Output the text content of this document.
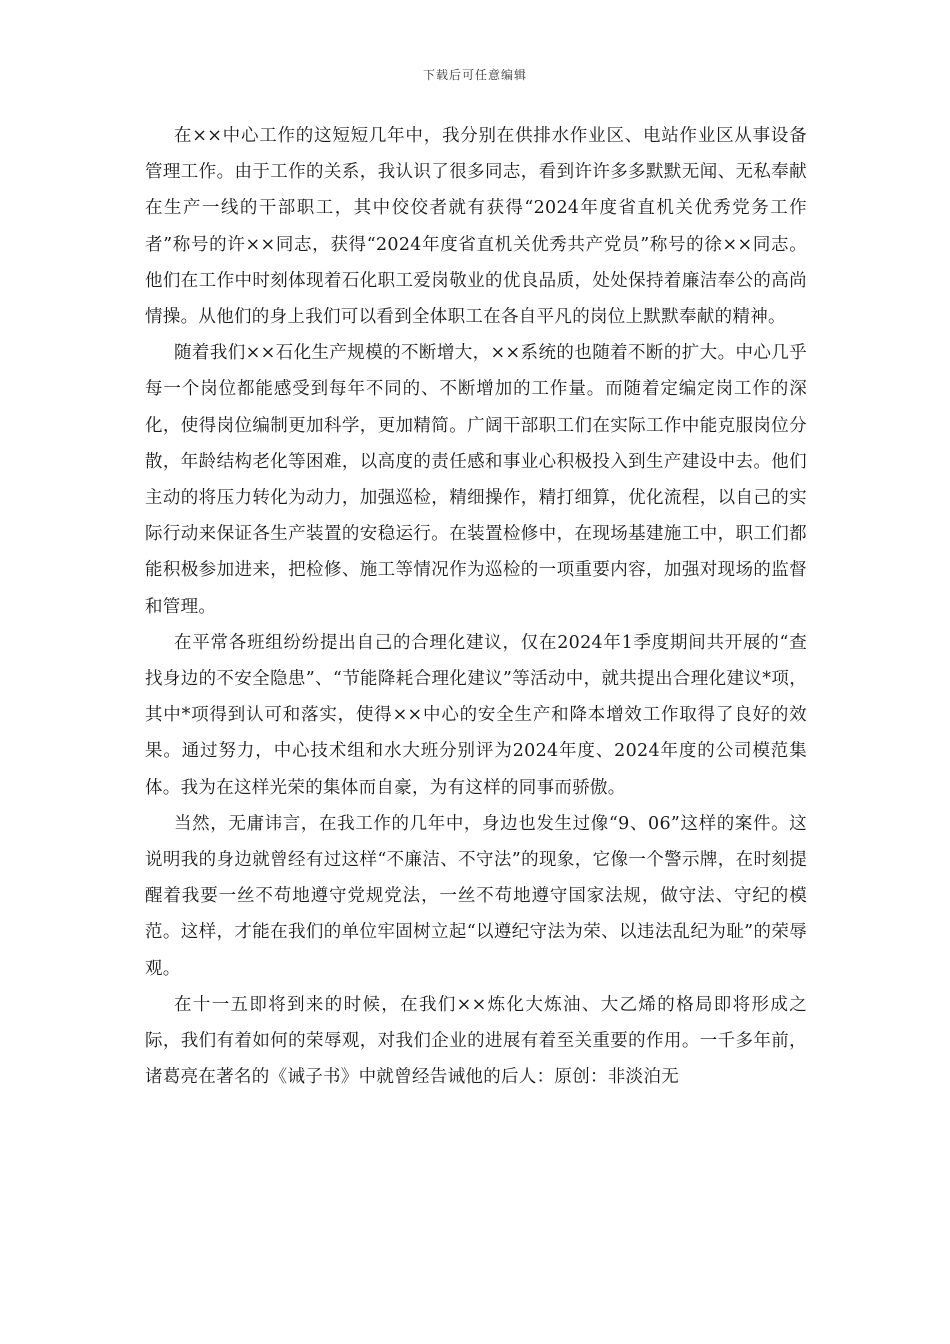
下载后可任意编辑

在××中心工作的这短短几年中，我分别在供排水作业区、电站作业区从事设备管理工作。由于工作的关系，我认识了很多同志，看到许许多多默默无闻、无私奉献在生产一线的干部职工，其中佼佼者就有获得“2024年度省直机关优秀党务工作者”称号的许××同志，获得“2024年度省直机关优秀共产党员”称号的徐××同志。他们在工作中时刻体现着石化职工爱岗敬业的优良品质，处处保持着廉洁奉公的高尚情操。从他们的身上我们可以看到全体职工在各自平凡的岗位上默默奉献的精神。

随着我们××石化生产规模的不断增大，××系统的也随着不断的扩大。中心几乎每一个岗位都能感受到每年不同的、不断增加的工作量。而随着定编定岗工作的深化，使得岗位编制更加科学，更加精简。广阔干部职工们在实际工作中能克服岗位分散，年龄结构老化等困难，以高度的责任感和事业心积极投入到生产建设中去。他们主动的将压力转化为动力，加强巡检，精细操作，精打细算，优化流程，以自己的实际行动来保证各生产装置的安稳运行。在装置检修中，在现场基建施工中，职工们都能积极参加进来，把检修、施工等情况作为巡检的一项重要内容，加强对现场的监督和管理。

在平常各班组纷纷提出自己的合理化建议，仅在2024年1季度期间共开展的“查找身边的不安全隐患”、“节能降耗合理化建议”等活动中，就共提出合理化建议*项，其中*项得到认可和落实，使得××中心的安全生产和降本增效工作取得了良好的效果。通过努力，中心技术组和水大班分别评为2024年度、2024年度的公司模范集体。我为在这样光荣的集体而自豪，为有这样的同事而骄傲。

当然，无庸讳言，在我工作的几年中，身边也发生过像“9、06”这样的案件。这说明我的身边就曾经有过这样“不廉洁、不守法”的现象，它像一个警示牌，在时刻提醒着我要一丝不苟地遵守党规党法，一丝不苟地遵守国家法规，做守法、守纪的模范。这样，才能在我们的单位牢固树立起“以遵纪守法为荣、以违法乱纪为耻”的荣辱观。

在十一五即将到来的时候，在我们××炼化大炼油、大乙烯的格局即将形成之际，我们有着如何的荣辱观，对我们企业的进展有着至关重要的作用。一千多年前，诸葛亮在著名的《诫子书》中就曾经告诫他的后人：原创：非淡泊无
